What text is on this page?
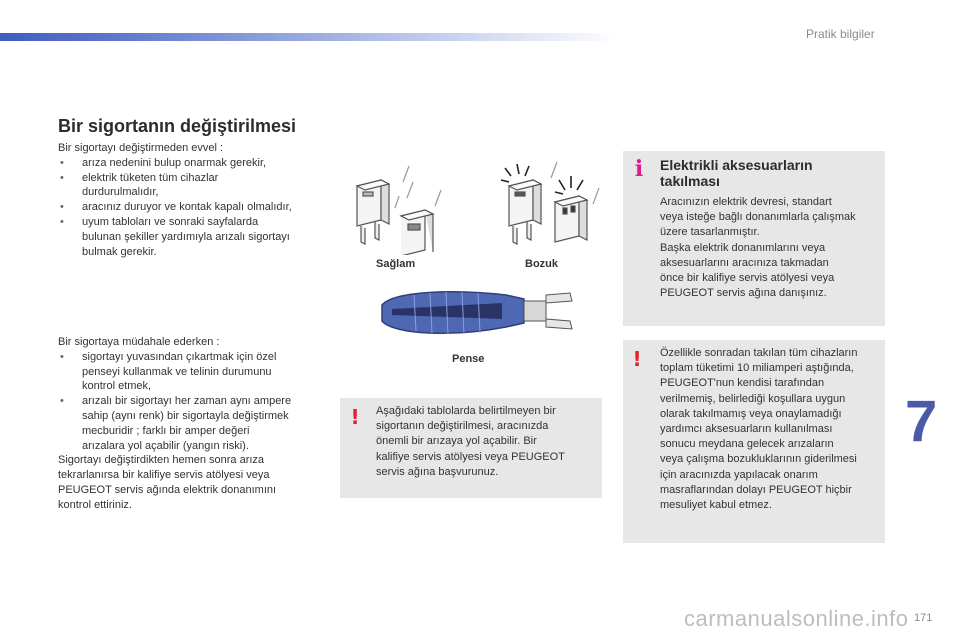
Pratik bilgiler
Bir sigortanın değiştirilmesi

Bir sigortayı değiştirmeden evvel :

• arıza nedenini bulup onarmak gerekir,
• elektrik tüketen tüm cihazlar
durdurulmalıdır,
• aracınız duruyor ve kontak kapalı olmalıdır,
• uyum tabloları ve sonraki sayfalarda
bulunan şekiller yardımıyla arızalı sigortayı
bulmak gerekir.

Bir sigortaya müdahale ederken :

• sigortayı yuvasından çıkartmak için özel
penseyi kullanmak ve telinin durumunu
kontrol etmek,
• arızalı bir sigortayı her zaman aynı ampere
sahip (aynı renk) bir sigortayla değiştirmek
mecburidir ; farklı bir amper değeri
arızalara yol açabilir (yangın riski).

Sigortayı değiştirdikten hemen sonra arıza

tekrarlanırsa bir kalifiye servis atölyesi veya

PEUGEOT servis ağında elektrik donanımını

kontrol ettiriniz.

Sağlam	Bozuk
Pense
! Aşağıdaki tablolarda belirtilmeyen bir

sigortanın değiştirilmesi, aracınızda

önemli bir arızaya yol açabilir. Bir

kalifiye servis atölyesi veya PEUGEOT

servis ağına başvurunuz.

i Elektrikli aksesuarların
takılması

Aracınızın elektrik devresi, standart

veya isteğe bağlı donanımlarla çalışmak

üzere tasarlanmıştır.

Başka elektrik donanımlarını veya

aksesuarlarını aracınıza takmadan

önce bir kalifiye servis atölyesi veya

PEUGEOT servis ağına danışınız.

! Özellikle sonradan takılan tüm cihazların

toplam tüketimi 10 miliamperi aştığında,

PEUGEOT'nun kendisi tarafından

verilmemiş, belirlediği koşullara uygun

olarak takılmamış veya onaylamadığı

yardımcı aksesuarların kullanılması

sonucu meydana gelecek arızaların

veya çalışma bozukluklarının giderilmesi

için aracınızda yapılacak onarım

masraflarından dolayı PEUGEOT hiçbir

mesuliyet kabul etmez.

7
carmanualsonline.info 171
